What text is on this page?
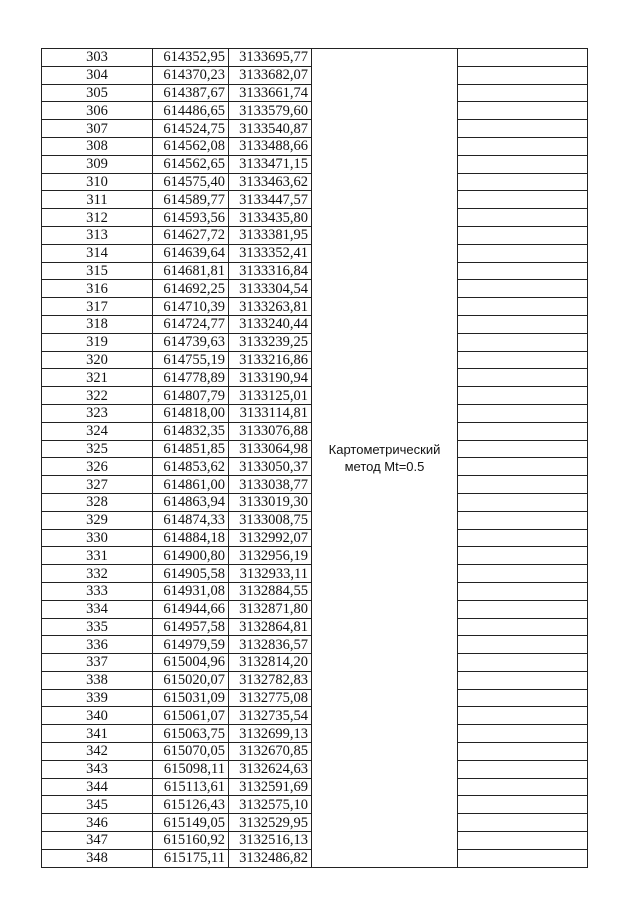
303	614352,95	3133695,77	Картометрический метод Mt=0.5	
304	614370,23	3133682,07		
305	614387,67	3133661,74		
306	614486,65	3133579,60		
307	614524,75	3133540,87		
308	614562,08	3133488,66		
309	614562,65	3133471,15		
310	614575,40	3133463,62		
311	614589,77	3133447,57		
312	614593,56	3133435,80		
313	614627,72	3133381,95		
314	614639,64	3133352,41		
315	614681,81	3133316,84		
316	614692,25	3133304,54		
317	614710,39	3133263,81		
318	614724,77	3133240,44		
319	614739,63	3133239,25		
320	614755,19	3133216,86		
321	614778,89	3133190,94		
322	614807,79	3133125,01		
323	614818,00	3133114,81		
324	614832,35	3133076,88		
325	614851,85	3133064,98		
326	614853,62	3133050,37		
327	614861,00	3133038,77		
328	614863,94	3133019,30		
329	614874,33	3133008,75		
330	614884,18	3132992,07		
331	614900,80	3132956,19		
332	614905,58	3132933,11		
333	614931,08	3132884,55		
334	614944,66	3132871,80		
335	614957,58	3132864,81		
336	614979,59	3132836,57		
337	615004,96	3132814,20		
338	615020,07	3132782,83		
339	615031,09	3132775,08		
340	615061,07	3132735,54		
341	615063,75	3132699,13		
342	615070,05	3132670,85		
343	615098,11	3132624,63		
344	615113,61	3132591,69		
345	615126,43	3132575,10		
346	615149,05	3132529,95		
347	615160,92	3132516,13		
348	615175,11	3132486,82		
